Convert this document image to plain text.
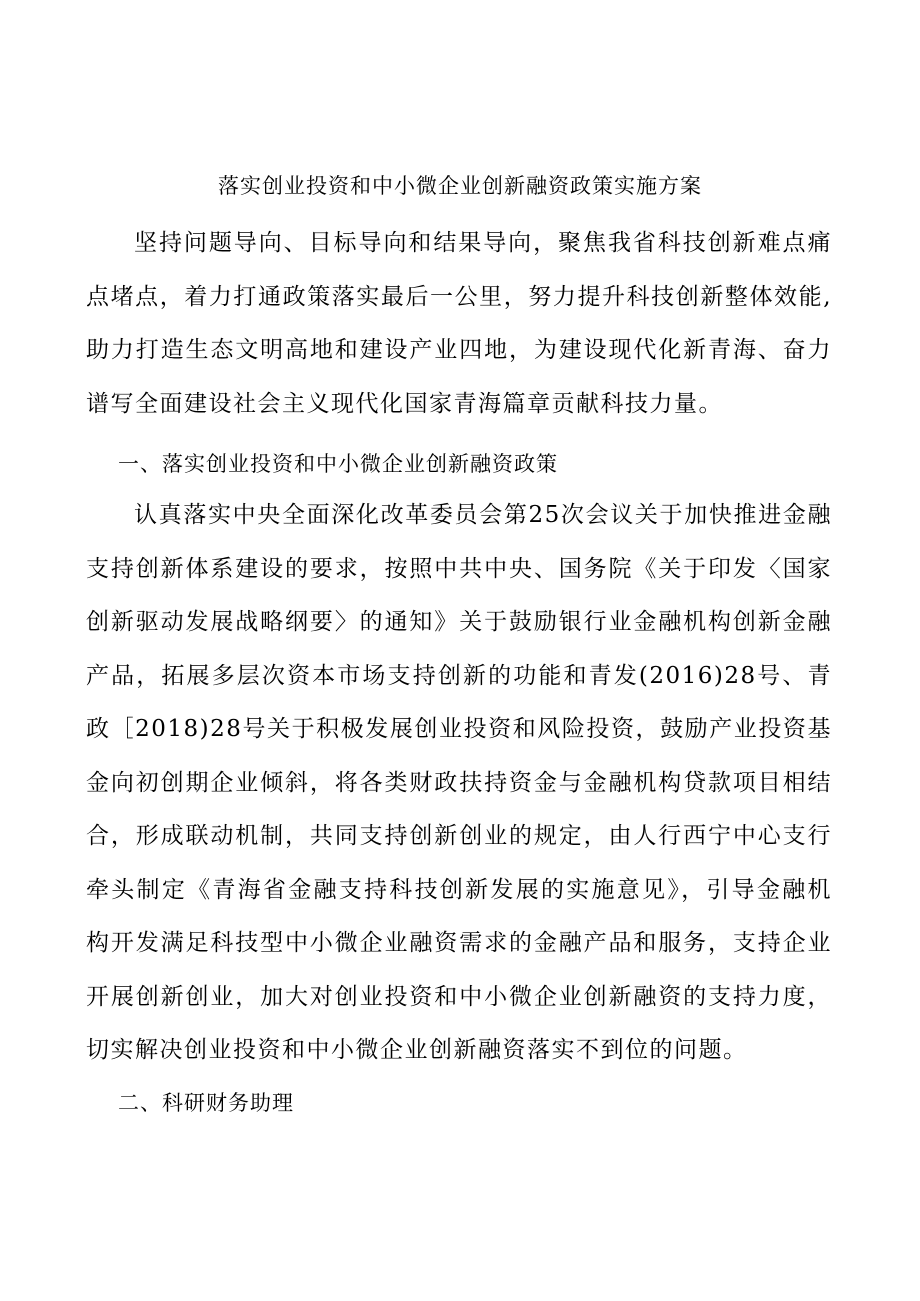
落实创业投资和中小微企业创新融资政策实施方案
坚持问题导向、目标导向和结果导向，聚焦我省科技创新难点痛点堵点，着力打通政策落实最后一公里，努力提升科技创新整体效能,助力打造生态文明高地和建设产业四地，为建设现代化新青海、奋力谱写全面建设社会主义现代化国家青海篇章贡献科技力量。
一、落实创业投资和中小微企业创新融资政策
认真落实中央全面深化改革委员会第25次会议关于加快推进金融支持创新体系建设的要求，按照中共中央、国务院《关于印发〈国家创新驱动发展战略纲要〉的通知》关于鼓励银行业金融机构创新金融产品，拓展多层次资本市场支持创新的功能和青发(2016)28号、青政［2018)28号关于积极发展创业投资和风险投资，鼓励产业投资基金向初创期企业倾斜，将各类财政扶持资金与金融机构贷款项目相结合，形成联动机制，共同支持创新创业的规定，由人行西宁中心支行牵头制定《青海省金融支持科技创新发展的实施意见》，引导金融机构开发满足科技型中小微企业融资需求的金融产品和服务，支持企业开展创新创业，加大对创业投资和中小微企业创新融资的支持力度，切实解决创业投资和中小微企业创新融资落实不到位的问题。
二、科研财务助理
